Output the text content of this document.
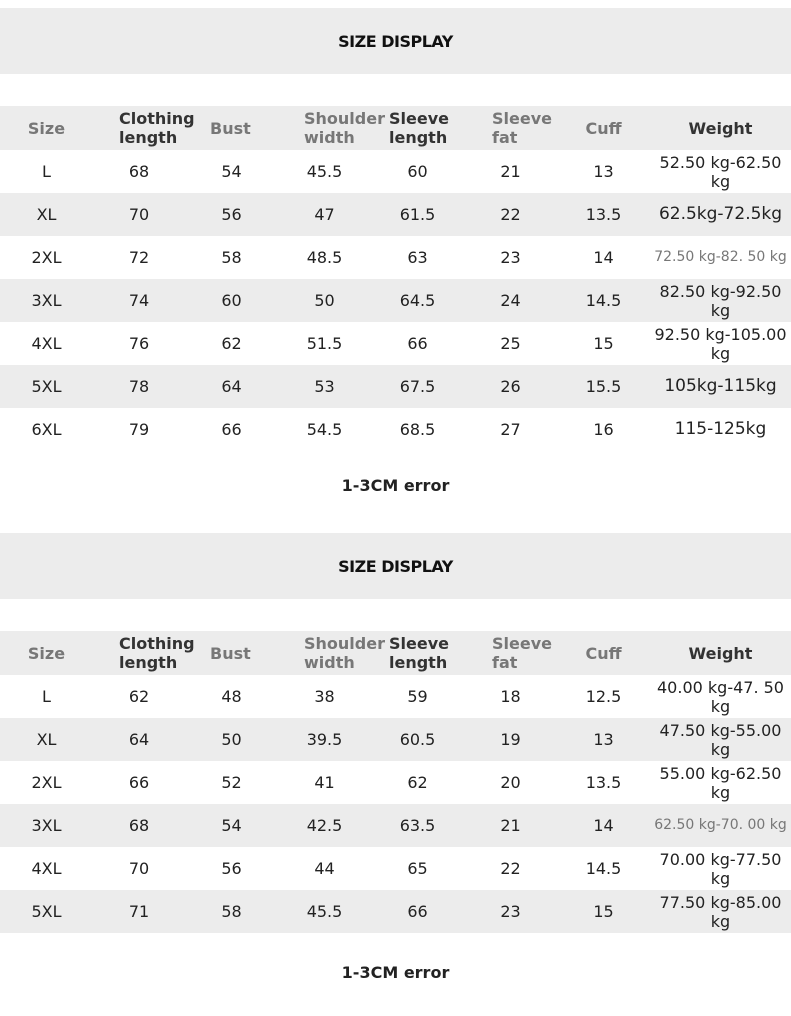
SIZE DISPLAY
Size	Clothing length	Bust	Shoulder width	Sleeve length	Sleeve fat	Cuff	Weight
L	68	54	45.5	60	21	13	52.50 kg-62.50 kg
XL	70	56	47	61.5	22	13.5	62.5kg-72.5kg
2XL	72	58	48.5	63	23	14	72.50 kg-82. 50 kg
3XL	74	60	50	64.5	24	14.5	82.50 kg-92.50 kg
4XL	76	62	51.5	66	25	15	92.50 kg-105.00 kg
5XL	78	64	53	67.5	26	15.5	105kg-115kg
6XL	79	66	54.5	68.5	27	16	115-125kg
1-3CM error
SIZE DISPLAY
Size	Clothing length	Bust	Shoulder width	Sleeve length	Sleeve fat	Cuff	Weight
L	62	48	38	59	18	12.5	40.00 kg-47. 50 kg
XL	64	50	39.5	60.5	19	13	47.50 kg-55.00 kg
2XL	66	52	41	62	20	13.5	55.00 kg-62.50 kg
3XL	68	54	42.5	63.5	21	14	62.50 kg-70. 00 kg
4XL	70	56	44	65	22	14.5	70.00 kg-77.50 kg
5XL	71	58	45.5	66	23	15	77.50 kg-85.00 kg
1-3CM error
